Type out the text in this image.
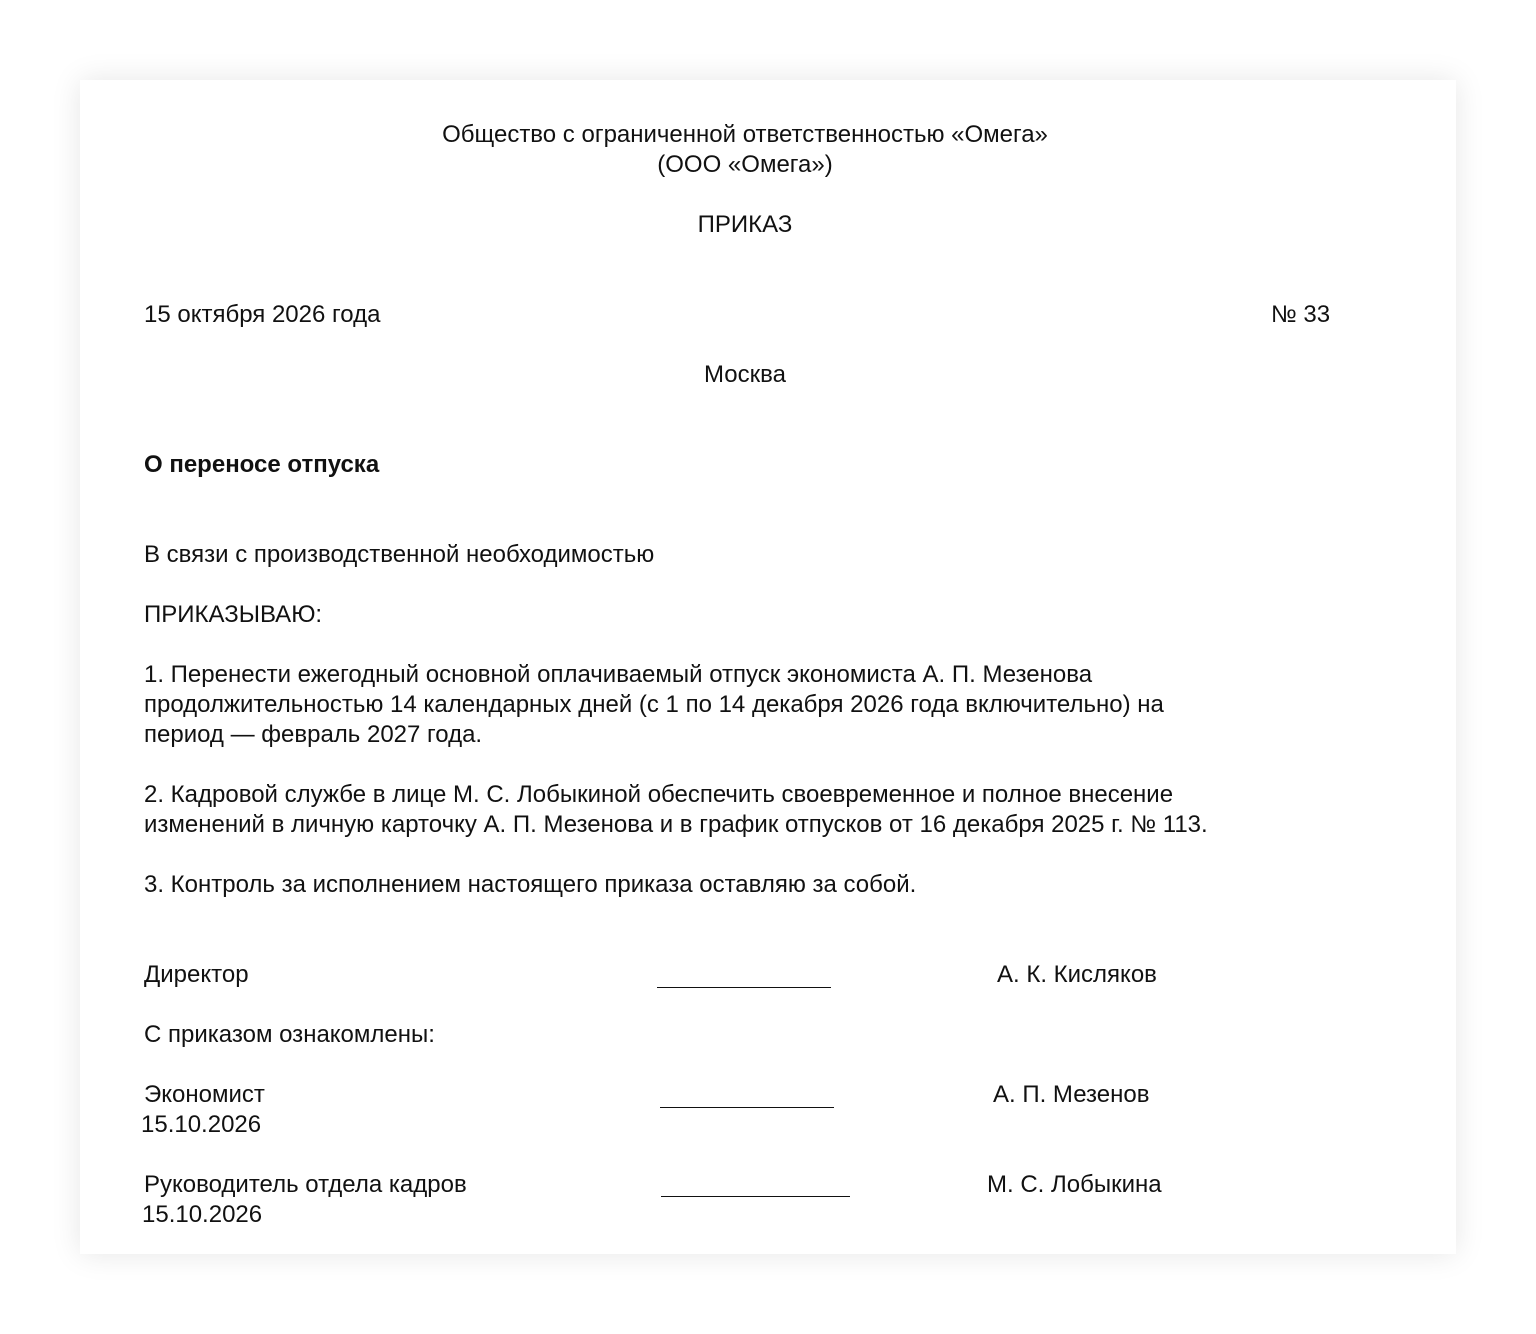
Общество с ограниченной ответственностью «Омега»
(ООО «Омега»)
ПРИКАЗ
15 октября 2026 года	№ 33
Москва
О переносе отпуска
В связи с производственной необходимостью
ПРИКАЗЫВАЮ:
1. Перенести ежегодный основной оплачиваемый отпуск экономиста А. П. Мезенова
продолжительностью 14 календарных дней (с 1 по 14 декабря 2026 года включительно) на
период — февраль 2027 года.
2. Кадровой службе в лице М. С. Лобыкиной обеспечить своевременное и полное внесение
изменений в личную карточку А. П. Мезенова и в график отпусков от 16 декабря 2025 г. № 113.
3. Контроль за исполнением настоящего приказа оставляю за собой.
Директор	А. К. Кисляков
С приказом ознакомлены:
Экономист
15.10.2026
А. П. Мезенов
Руководитель отдела кадров
15.10.2026
М. С. Лобыкина
